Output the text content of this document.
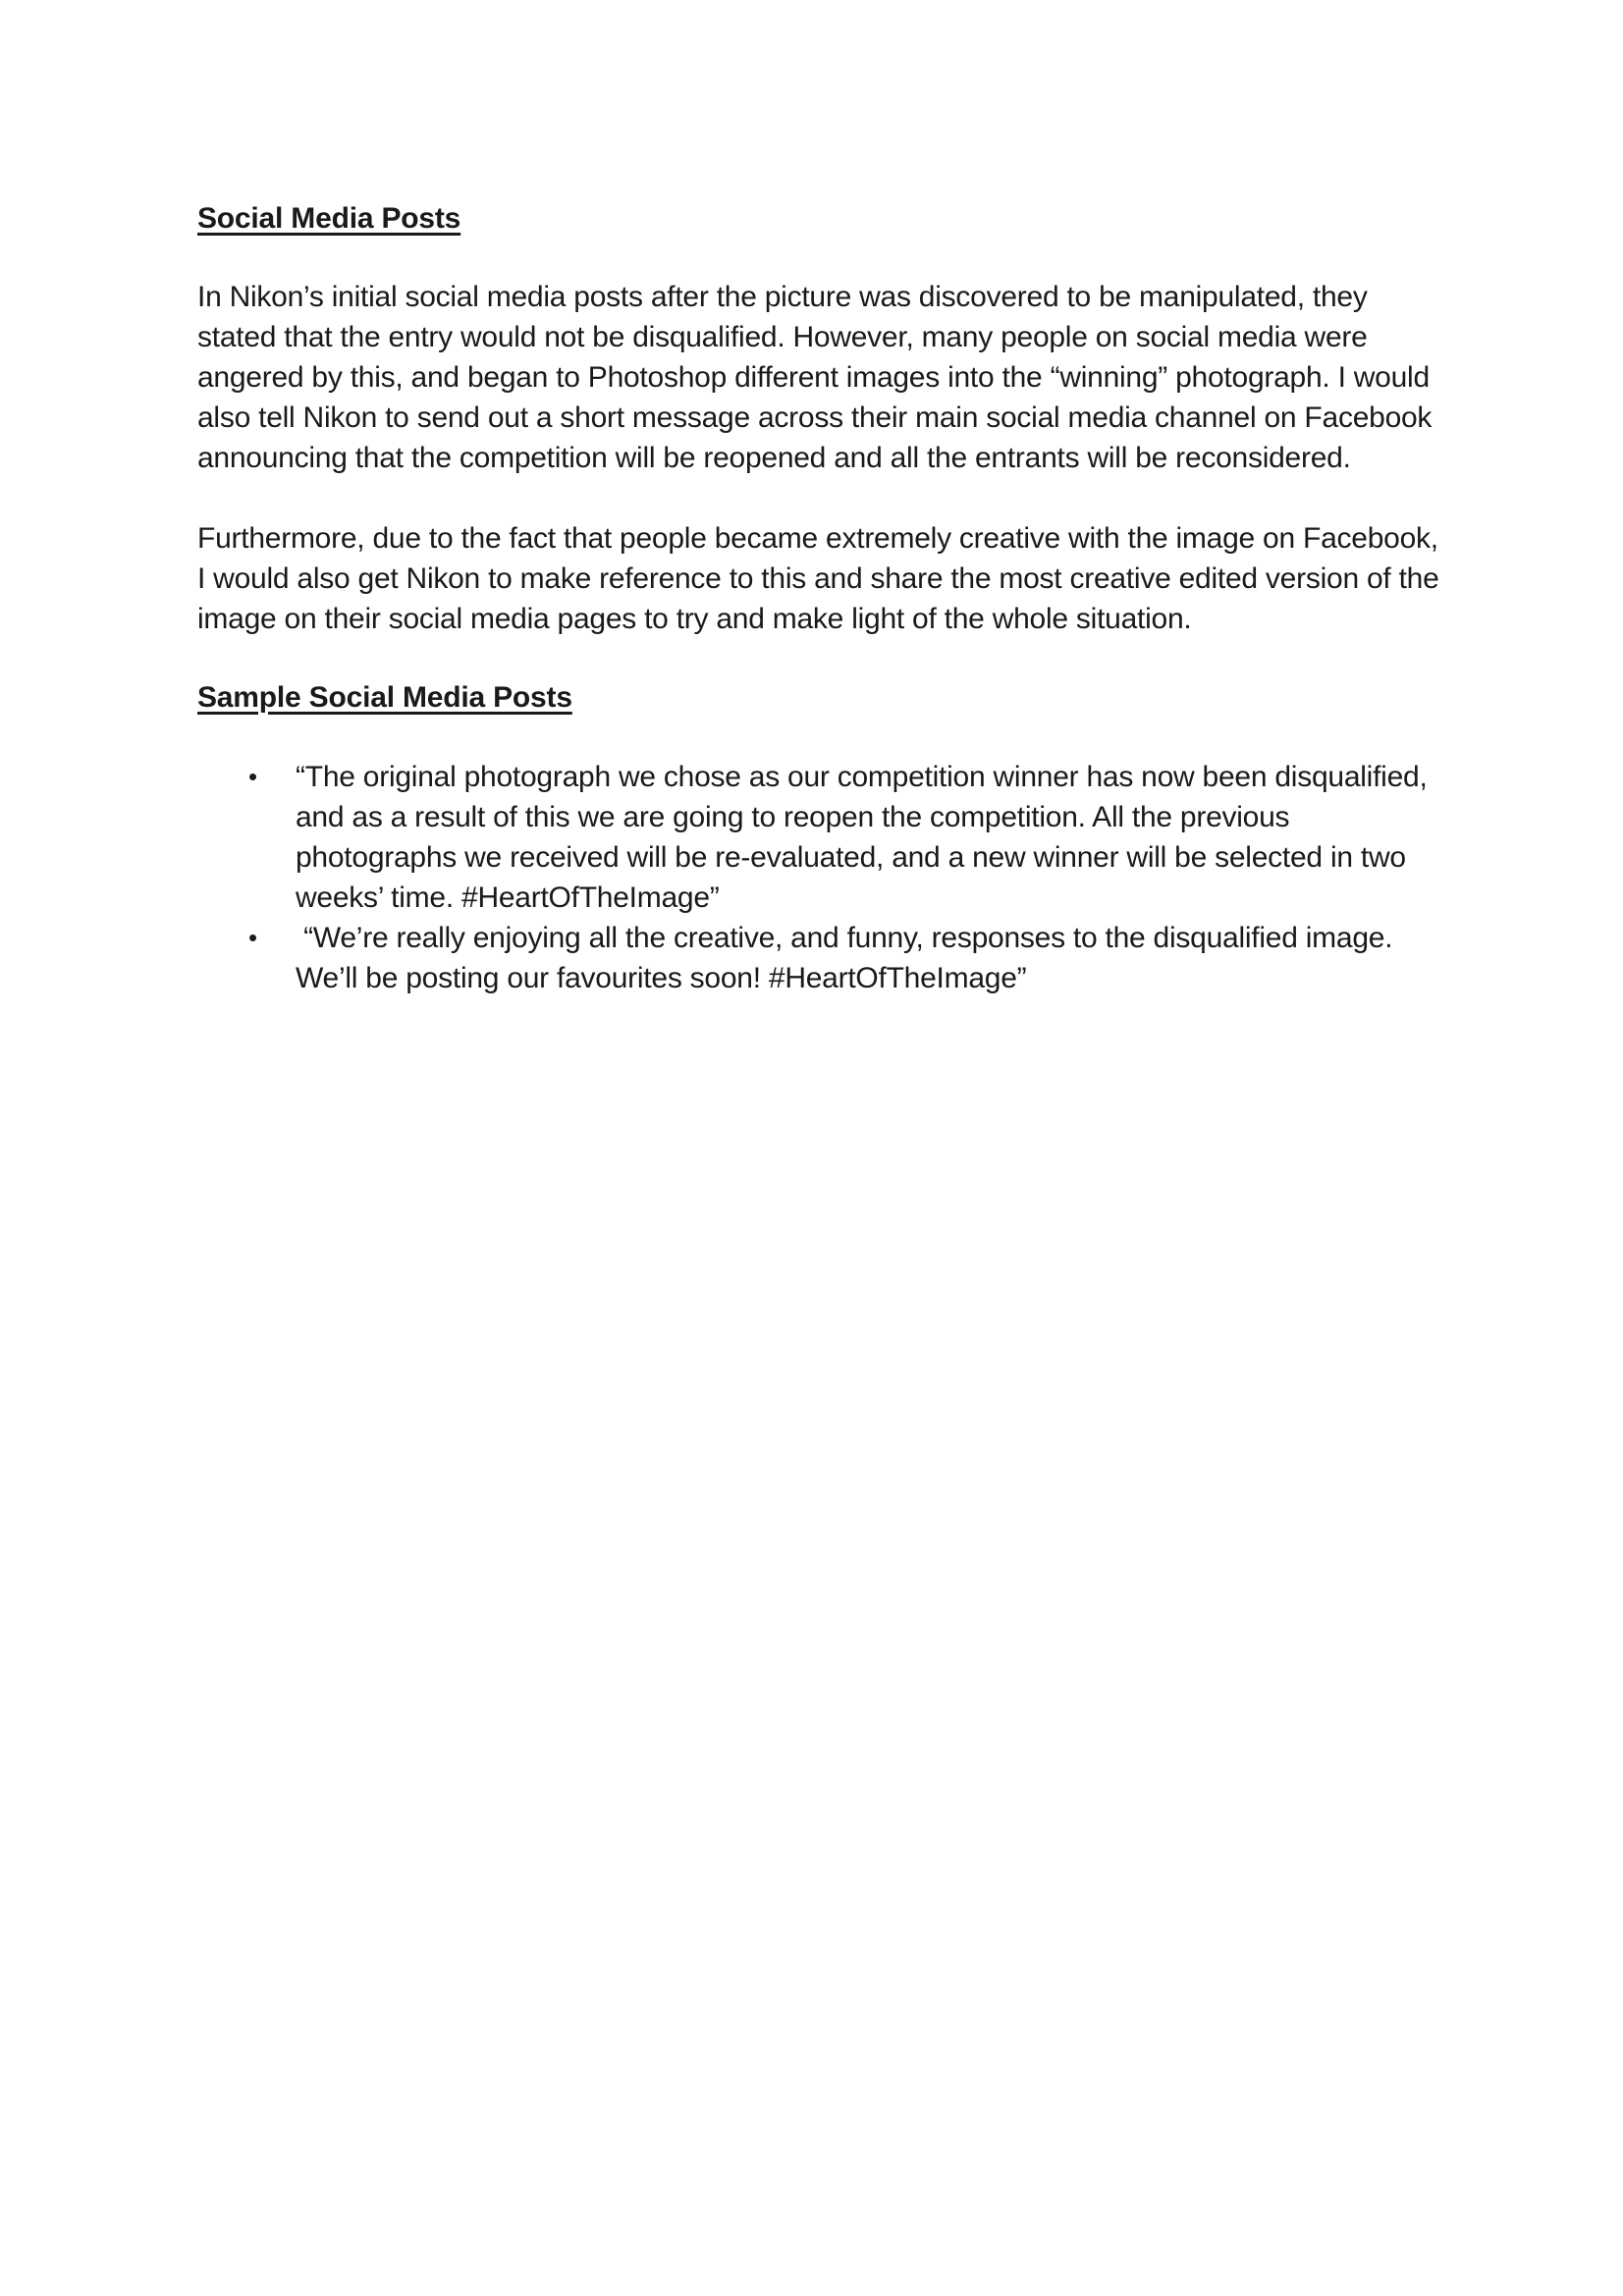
Social Media Posts

In Nikon’s initial social media posts after the picture was discovered to be manipulated, they stated that the entry would not be disqualified. However, many people on social media were angered by this, and began to Photoshop different images into the “winning” photograph. I would also tell Nikon to send out a short message across their main social media channel on Facebook announcing that the competition will be reopened and all the entrants will be reconsidered.

Furthermore, due to the fact that people became extremely creative with the image on Facebook, I would also get Nikon to make reference to this and share the most creative edited version of the image on their social media pages to try and make light of the whole situation.

Sample Social Media Posts
• “The original photograph we chose as our competition winner has now been disqualified, and as a result of this we are going to reopen the competition. All the previous photographs we received will be re-evaluated, and a new winner will be selected in two weeks’ time. #HeartOfTheImage”
• “We’re really enjoying all the creative, and funny, responses to the disqualified image. We’ll be posting our favourites soon! #HeartOfTheImage”
